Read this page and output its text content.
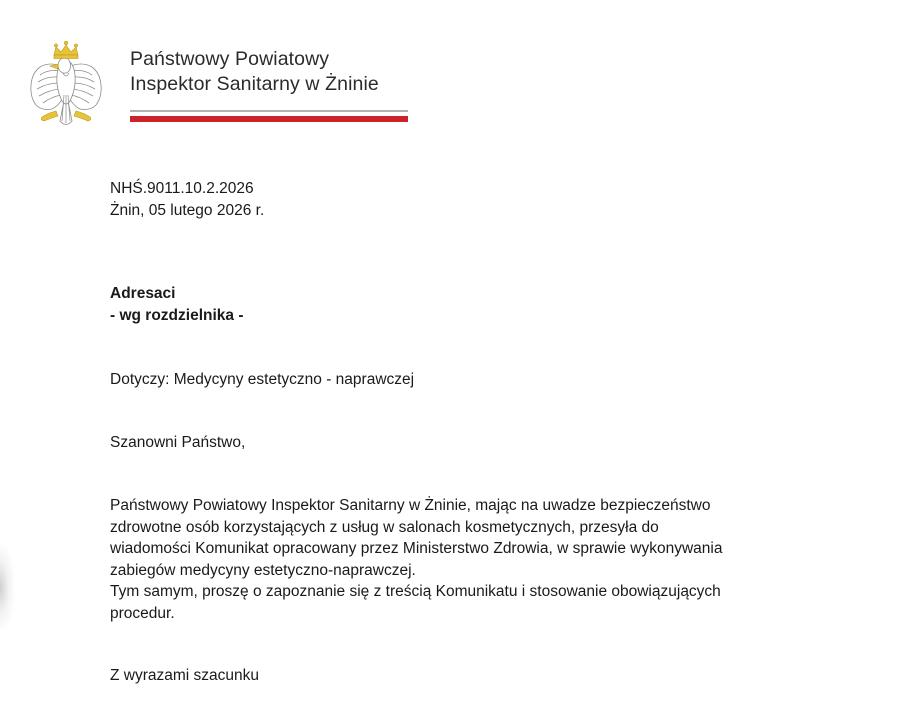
Państwowy Powiatowy
Inspektor Sanitarny w Żninie

NHŚ.9011.10.2.2026
Żnin, 05 lutego 2026 r.

Adresaci
- wg rozdzielnika -

Dotyczy: Medycyny estetyczno - naprawczej

Szanowni Państwo,

Państwowy Powiatowy Inspektor Sanitarny w Żninie, mając na uwadze bezpieczeństwo
zdrowotne osób korzystających z usług w salonach kosmetycznych, przesyła do
wiadomości Komunikat opracowany przez Ministerstwo Zdrowia, w sprawie wykonywania
zabiegów medycyny estetyczno-naprawczej.
Tym samym, proszę o zapoznanie się z treścią Komunikatu i stosowanie obowiązujących
procedur.

Z wyrazami szacunku
